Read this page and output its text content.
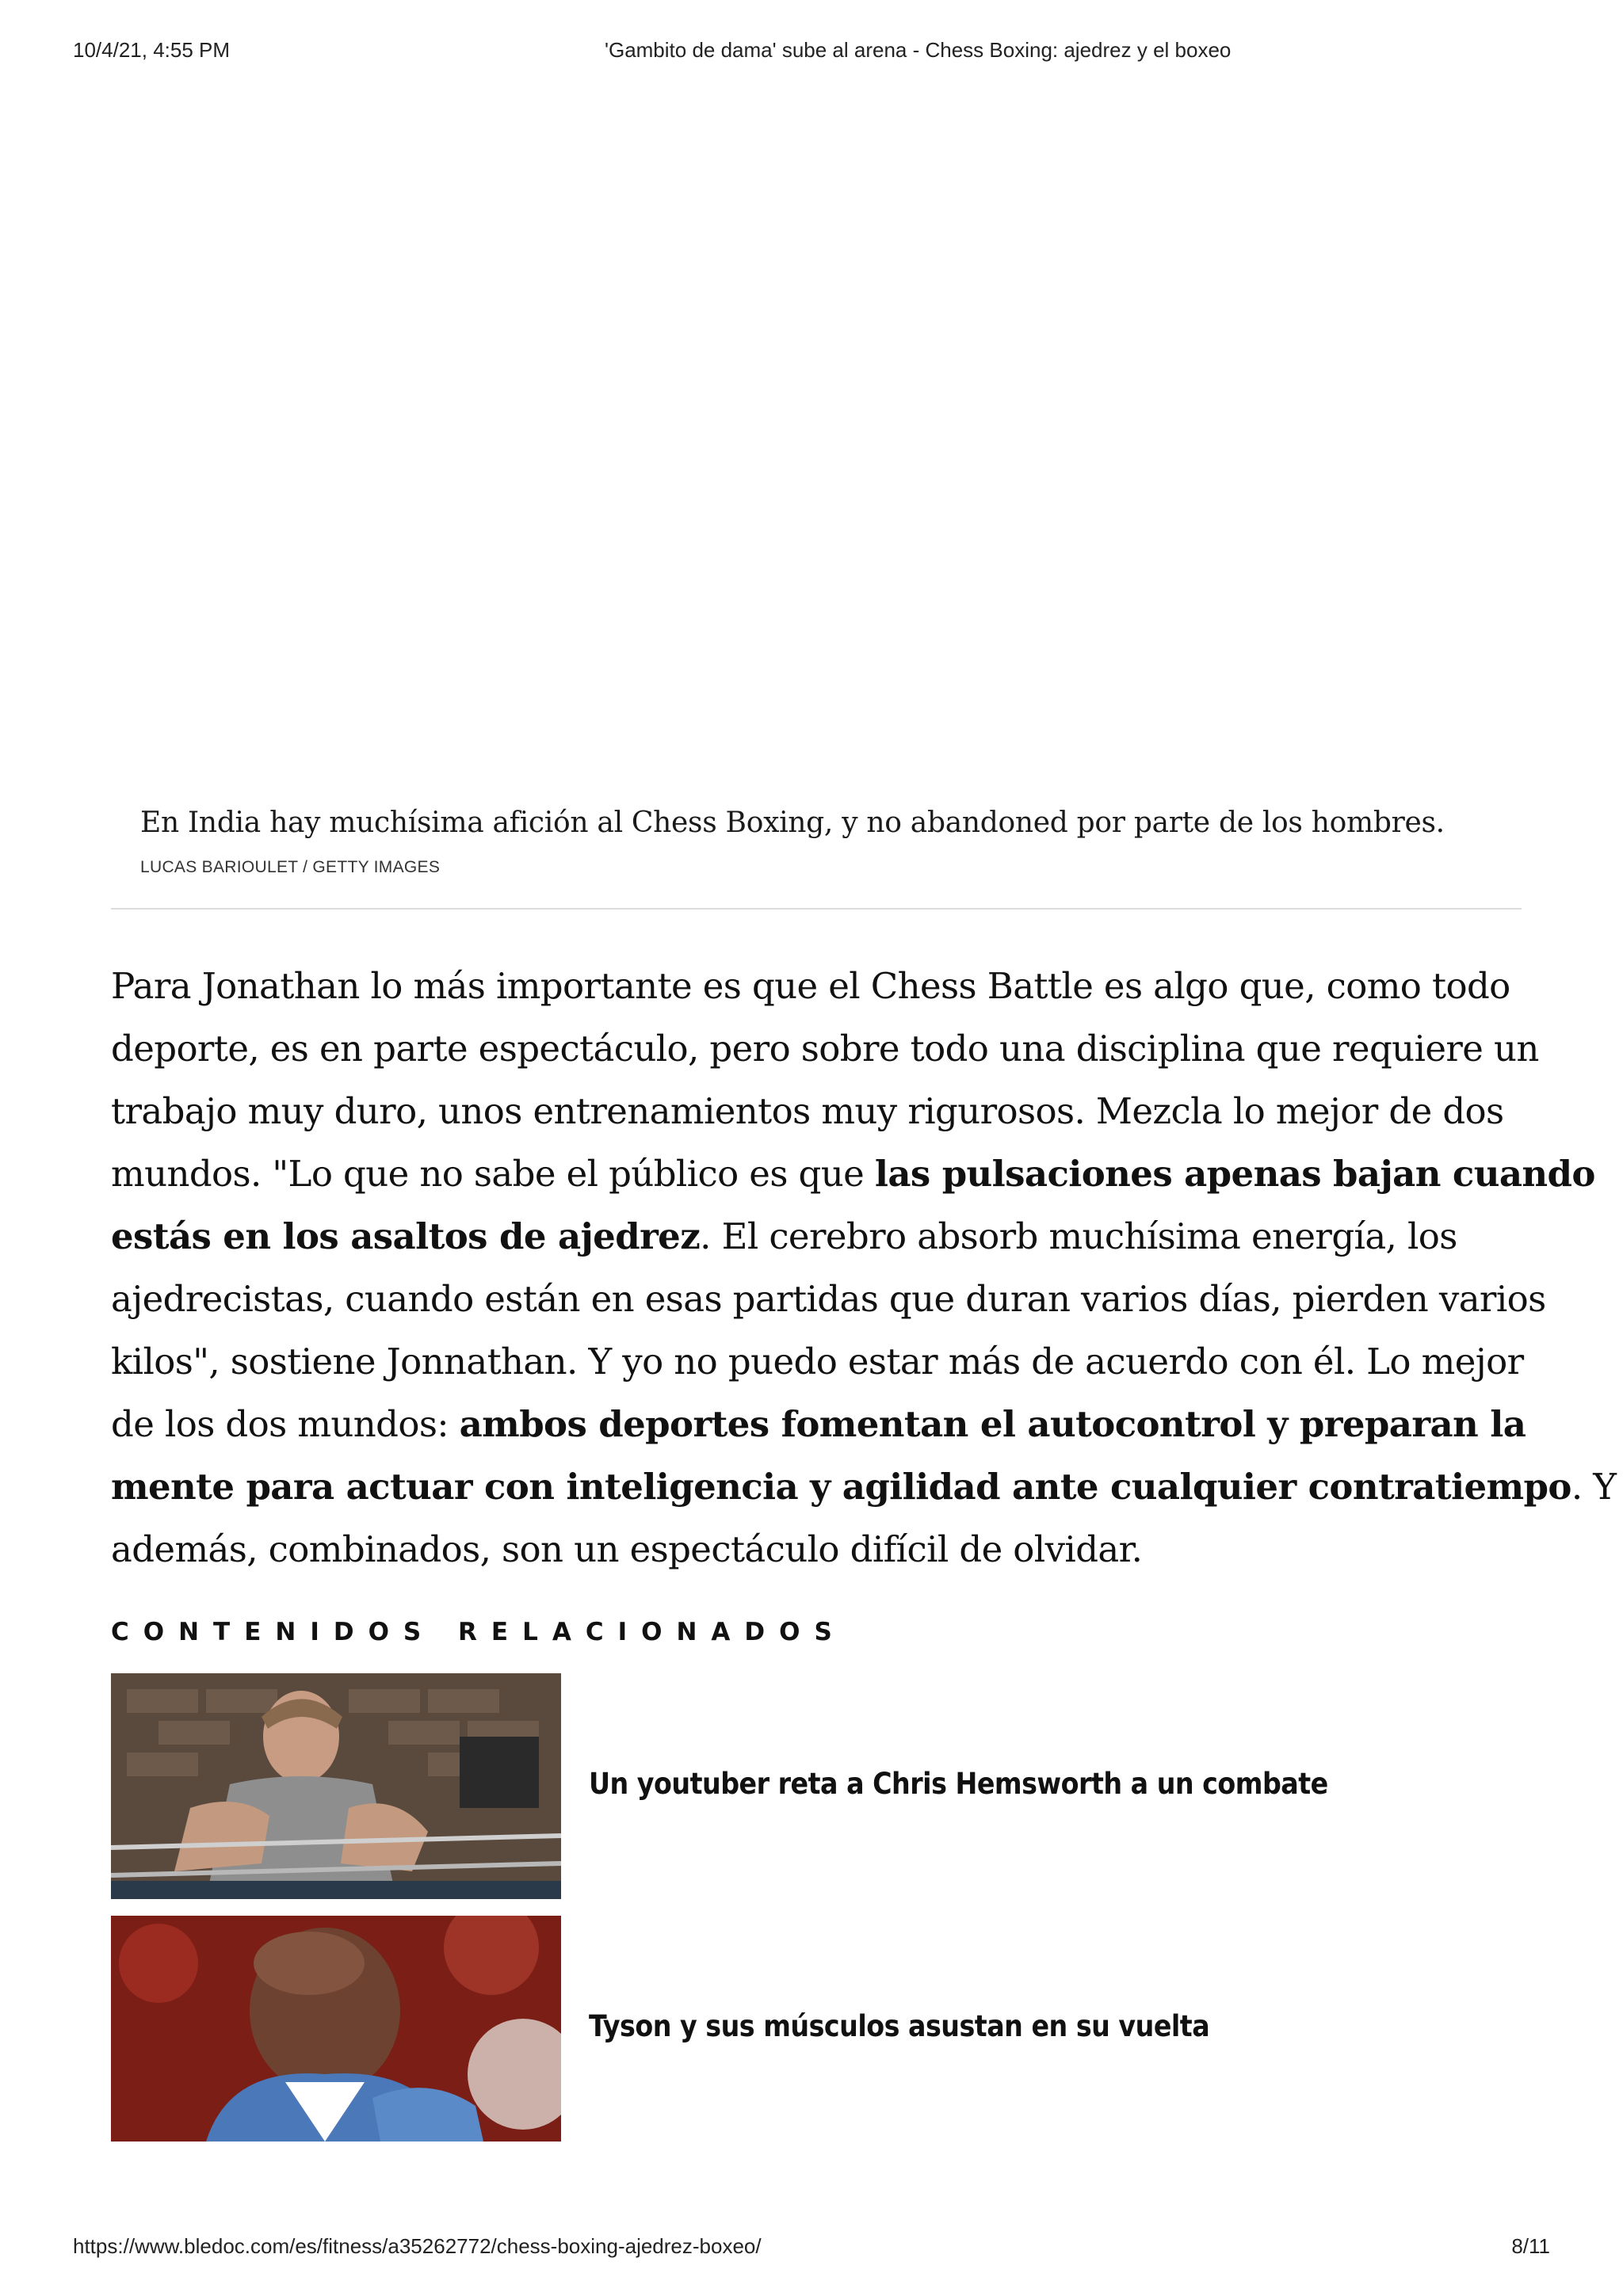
10/4/21, 4:55 PM	'Gambito de dama' sube al arena - Chess Boxing: ajedrez y el boxeo
En India hay muchísima afición al Chess Boxing, y no abandoned por parte de los hombres.
LUCAS BARIOULET / GETTY IMAGES
Para Jonathan lo más importante es que el Chess Battle es algo que, como todo
deporte, es en parte espectáculo, pero sobre todo una disciplina que requiere un
trabajo muy duro, unos entrenamientos muy rigurosos. Mezcla lo mejor de dos
mundos. "Lo que no sabe el público es que las pulsaciones apenas bajan cuando
estás en los asaltos de ajedrez. El cerebro absorb muchísima energía, los
ajedrecistas, cuando están en esas partidas que duran varios días, pierden varios
kilos", sostiene Jonnathan. Y yo no puedo estar más de acuerdo con él. Lo mejor
de los dos mundos: ambos deportes fomentan el autocontrol y preparan la
mente para actuar con inteligencia y agilidad ante cualquier contratiempo. Y
además, combinados, son un espectáculo difícil de olvidar.
CONTENIDOS RELACIONADOS
Un youtuber reta a Chris Hemsworth a un combate
Tyson y sus músculos asustan en su vuelta
https://www.bledoc.com/es/fitness/a35262772/chess-boxing-ajedrez-boxeo/	8/11
